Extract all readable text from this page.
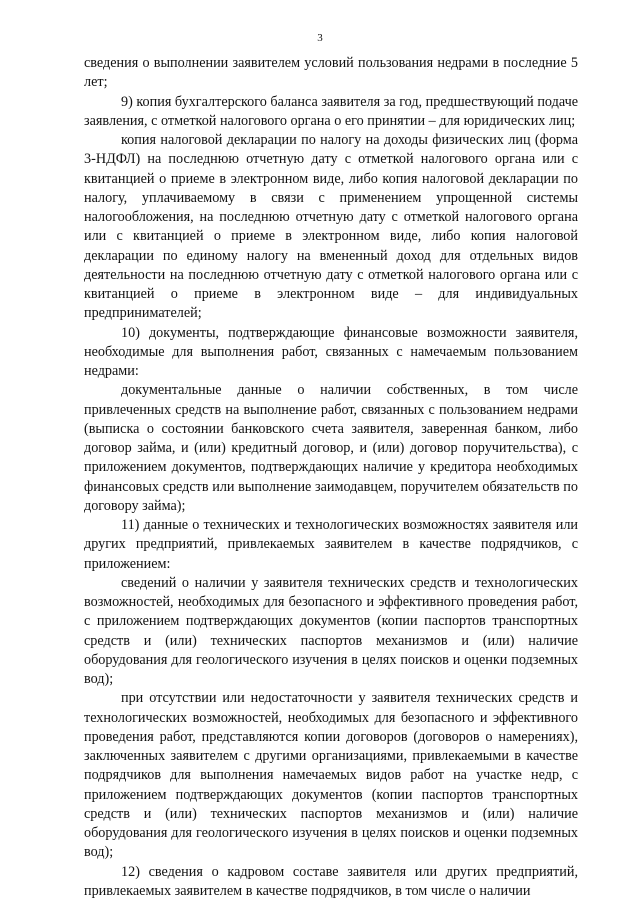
3

сведения о выполнении заявителем условий пользования недрами в последние 5 лет;

9) копия бухгалтерского баланса заявителя за год, предшествующий подаче заявления, с отметкой налогового органа о его принятии – для юридических лиц;

копия налоговой декларации по налогу на доходы физических лиц (форма 3-НДФЛ) на последнюю отчетную дату с отметкой налогового органа или с квитанцией о приеме в электронном виде, либо копия налоговой декларации по налогу, уплачиваемому в связи с применением упрощенной системы налогообложения, на последнюю отчетную дату с отметкой налогового органа или с квитанцией о приеме в электронном виде, либо копия налоговой декларации по единому налогу на вмененный доход для отдельных видов деятельности на последнюю отчетную дату с отметкой налогового органа или с квитанцией о приеме в электронном виде – для индивидуальных предпринимателей;

10) документы, подтверждающие финансовые возможности заявителя, необходимые для выполнения работ, связанных с намечаемым пользованием недрами:

документальные данные о наличии собственных, в том числе привлеченных средств на выполнение работ, связанных с пользованием недрами (выписка о состоянии банковского счета заявителя, заверенная банком, либо договор займа, и (или) кредитный договор, и (или) договор поручительства), с приложением документов, подтверждающих наличие у кредитора необходимых финансовых средств или выполнение заимодавцем, поручителем обязательств по договору займа);

11) данные о технических и технологических возможностях заявителя или других предприятий, привлекаемых заявителем в качестве подрядчиков, с приложением:

сведений о наличии у заявителя технических средств и технологических возможностей, необходимых для безопасного и эффективного проведения работ, с приложением подтверждающих документов (копии паспортов транспортных средств и (или) технических паспортов механизмов и (или) наличие оборудования для геологического изучения в целях поисков и оценки подземных вод);

при отсутствии или недостаточности у заявителя технических средств и технологических возможностей, необходимых для безопасного и эффективного проведения работ, представляются копии договоров (договоров о намерениях), заключенных заявителем с другими организациями, привлекаемыми в качестве подрядчиков для выполнения намечаемых видов работ на участке недр, с приложением подтверждающих документов (копии паспортов транспортных средств и (или) технических паспортов механизмов и (или) наличие оборудования для геологического изучения в целях поисков и оценки подземных вод);

12) сведения о кадровом составе заявителя или других предприятий, привлекаемых заявителем в качестве подрядчиков, в том числе о наличии
